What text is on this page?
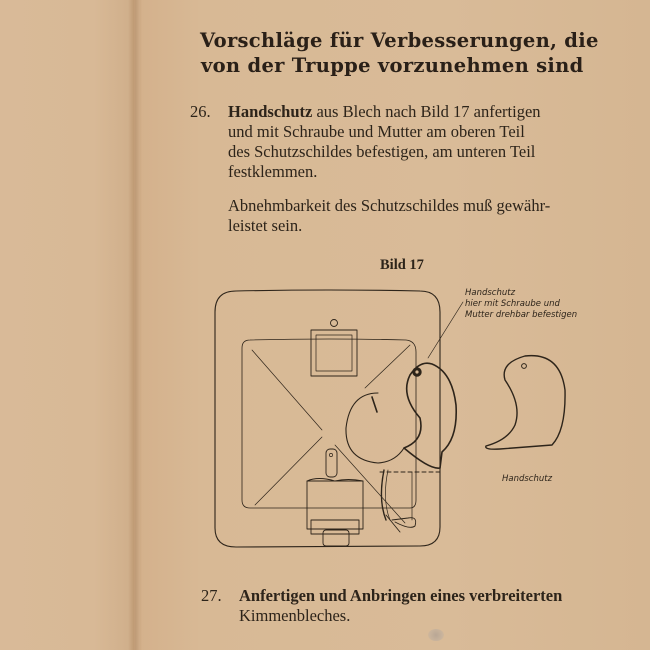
Vorschläge für Verbesserungen, die
von der Truppe vorzunehmen sind
26. Handschutz aus Blech nach Bild 17 anfertigen
und mit Schraube und Mutter am oberen Teil
des Schutzschildes befestigen, am unteren Teil
festklemmen.
Abnehmbarkeit des Schutzschildes muß gewähr-
leistet sein.
Bild 17
Handschutz
hier mit Schraube und
Mutter drehbar befestigen
Handschutz
27. Anfertigen und Anbringen eines verbreiterten
Kimmenbleches.
